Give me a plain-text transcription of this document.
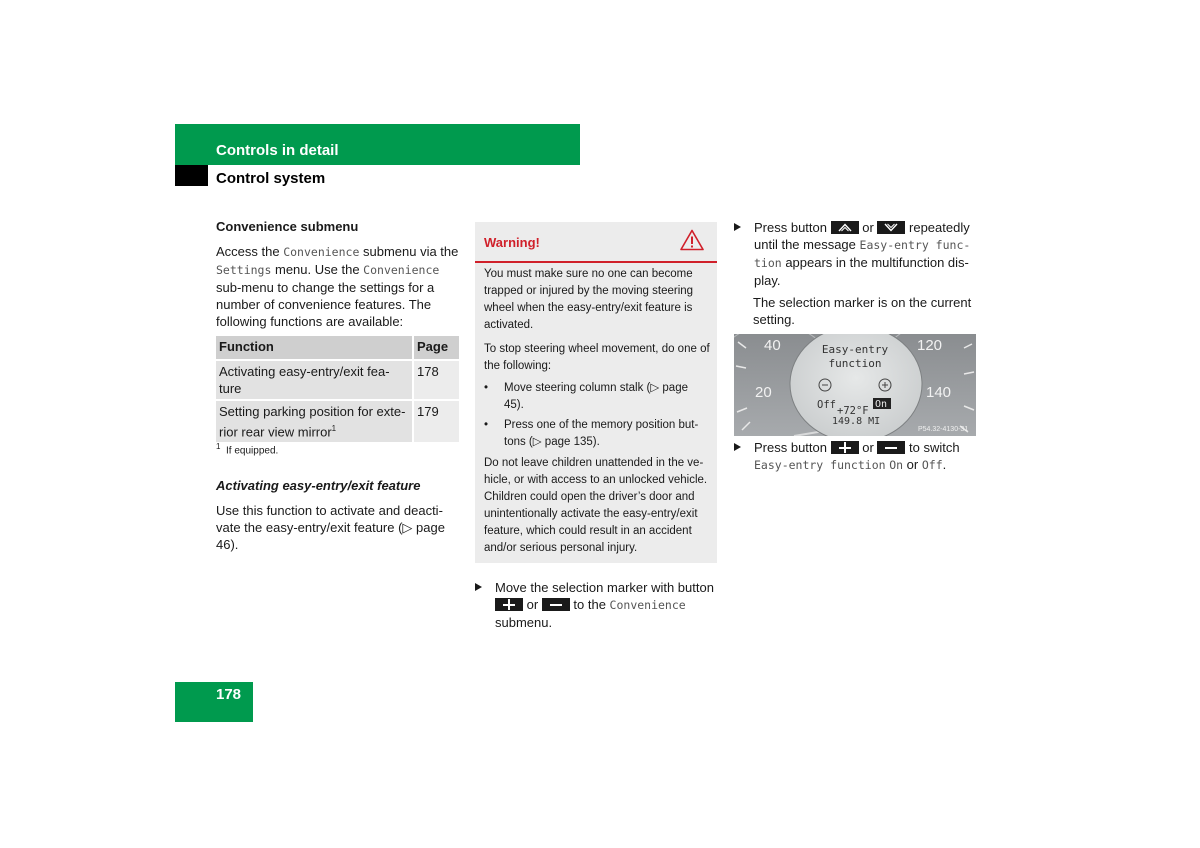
Controls in detail
Control system
Convenience submenu
Access the Convenience submenu via the Settings menu. Use the Convenience sub-menu to change the settings for a number of convenience features. The following functions are available:
Function	Page
Activating easy-entry/exit fea-ture	178
Setting parking position for exte-rior rear view mirror$^1$	179
$^1$ If equipped.
Activating easy-entry/exit feature
Use this function to activate and deacti-vate the easy-entry/exit feature (▷ page 46).
Warning!
You must make sure no one can become trapped or injured by the moving steering wheel when the easy-entry/exit feature is activated.
To stop steering wheel movement, do one of the following:
• Move steering column stalk (▷ page 45).
• Press one of the memory position but-tons (▷ page 135).
Do not leave children unattended in the ve-hicle, or with access to an unlocked vehicle. Children could open the driver’s door and unintentionally activate the easy-entry/exit feature, which could result in an accident and/or serious personal injury.
Move the selection marker with button  or  to the Convenience submenu.
Press button
or
repeatedly until the message Easy-entry func-tion appears in the multifunction dis-play.
The selection marker is on the current setting.
40
20
120
140
Easy-entry
function
Off	On
+72°F
149.8 MI
P54.32-4130-31
Press button  or  to switch Easy-entry function On or Off.
178
